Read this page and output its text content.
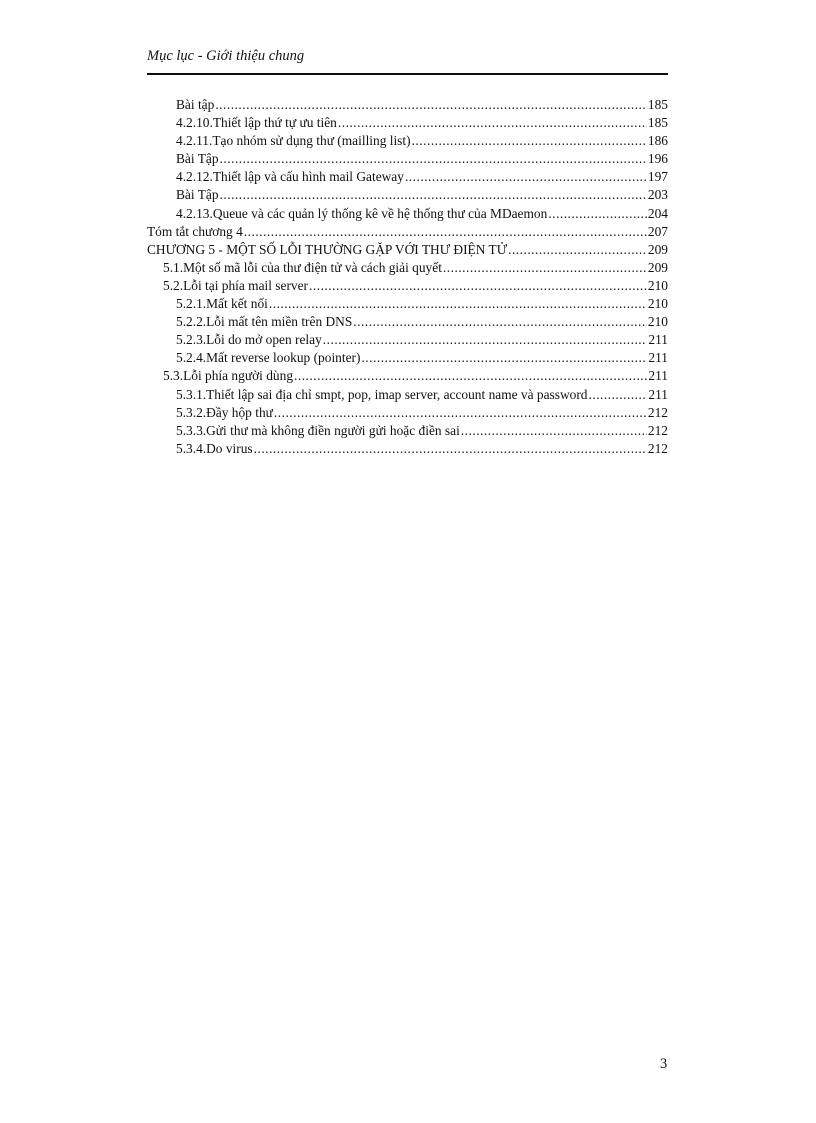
Mục lục - Giới thiệu chung
Bài tập .....	185
4.2.10.Thiết lập thứ tự ưu tiên .....	185
4.2.11.Tạo nhóm sử dụng thư (mailling list) .....	186
Bài Tập .....	196
4.2.12.Thiết lập và cấu hình mail Gateway .....	197
Bài Tập .....	203
4.2.13.Queue và các quản lý thống kê về hệ thống thư của MDaemon .....	204
Tóm tắt chương 4 .....	207
CHƯƠNG 5 - MỘT SỐ LỖI THƯỜNG GẶP VỚI THƯ ĐIỆN TỬ .....	209
5.1.Một số mã lỗi của thư điện tử và cách giải quyết .....	209
5.2.Lỗi tại phía mail server .....	210
5.2.1.Mất kết nối .....	210
5.2.2.Lỗi mất tên miền trên DNS .....	210
5.2.3.Lỗi do mở open relay .....	211
5.2.4.Mất reverse lookup (pointer) .....	211
5.3.Lỗi phía người dùng .....	211
5.3.1.Thiết lập sai địa chỉ smpt, pop, imap server, account name và password .....	211
5.3.2.Đầy hộp thư .....	212
5.3.3.Gửi thư mà không điền người gửi hoặc điền sai .....	212
5.3.4.Do virus .....	212
3
